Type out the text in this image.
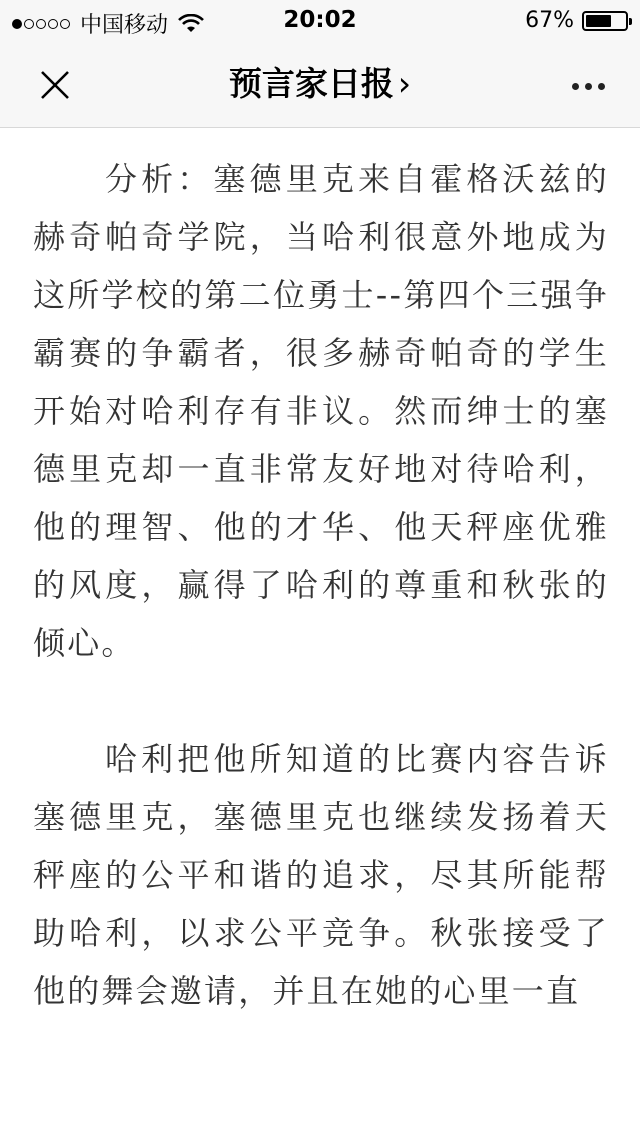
中国移动	20:02	67%
预言家日报 ›

分析：塞德里克来自霍格沃兹的赫奇帕奇学院，当哈利很意外地成为这所学校的第二位勇士--第四个三强争霸赛的争霸者，很多赫奇帕奇的学生开始对哈利存有非议。然而绅士的塞德里克却一直非常友好地对待哈利，他的理智、他的才华、他天秤座优雅的风度，赢得了哈利的尊重和秋张的倾心。

哈利把他所知道的比赛内容告诉塞德里克，塞德里克也继续发扬着天秤座的公平和谐的追求，尽其所能帮助哈利，以求公平竞争。秋张接受了他的舞会邀请，并且在她的心里一直
